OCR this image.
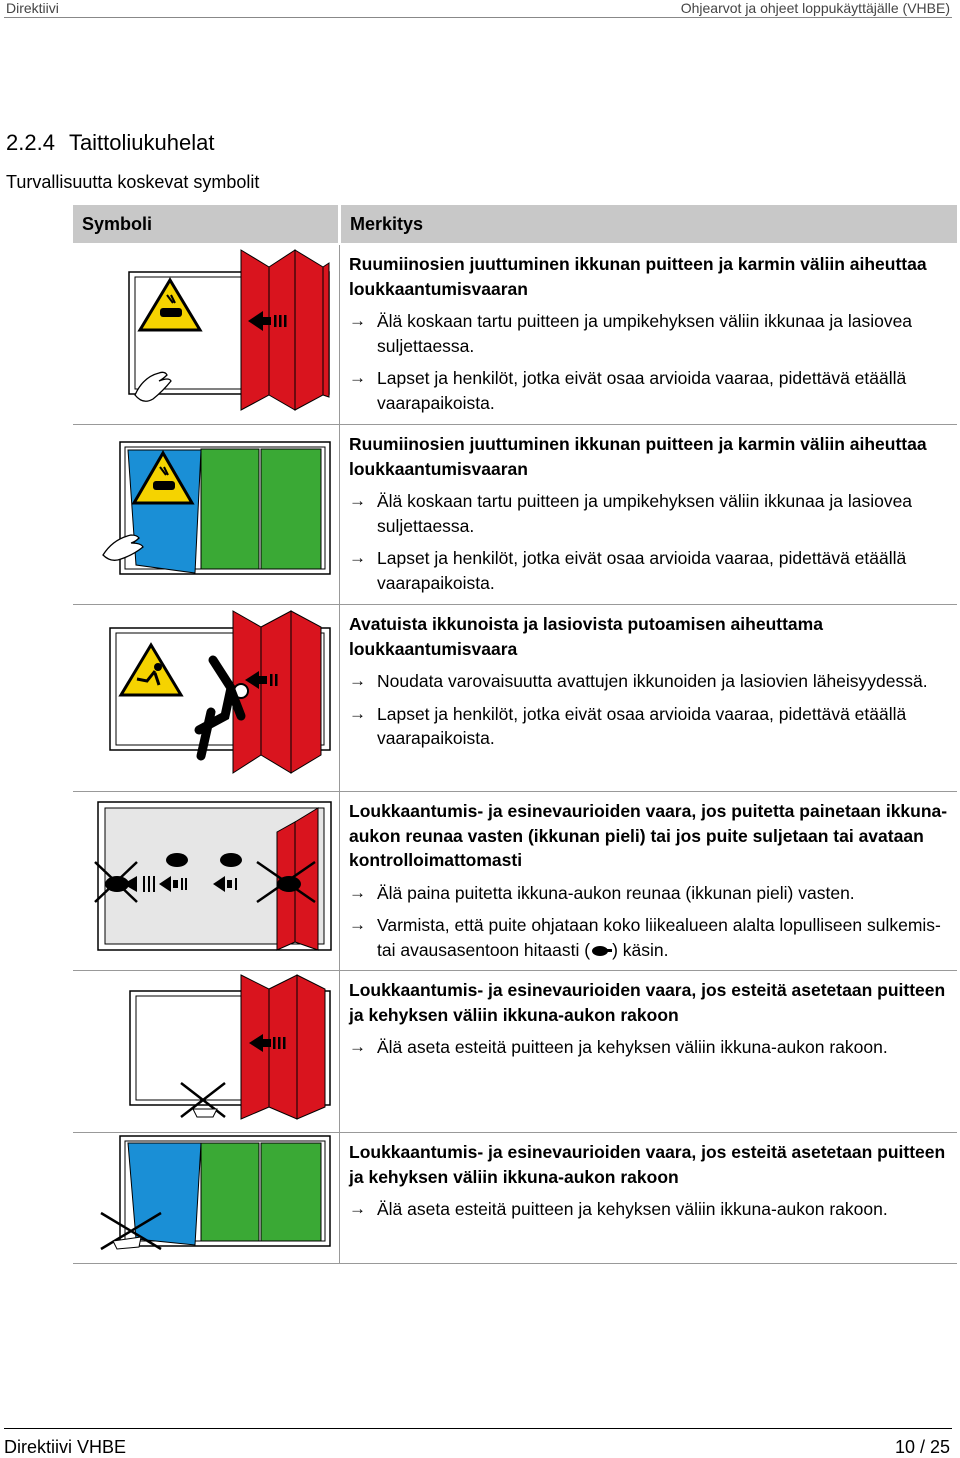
Direktiivi	Ohjearvot ja ohjeet loppukäyttäjälle (VHBE)
2.2.4 Taittoliukuhelat
Turvallisuutta koskevat symbolit
Symboli	Merkitys

Ruumiinosien juuttuminen ikkunan puitteen ja karmin väliin aiheuttaa loukkaantumisvaaran

→ Älä koskaan tartu puitteen ja umpikehyksen väliin ikkunaa ja lasiovea suljettaessa.
→ Lapset ja henkilöt, jotka eivät osaa arvioida vaaraa, pidettävä etäällä vaarapaikoista.

Ruumiinosien juuttuminen ikkunan puitteen ja karmin väliin aiheuttaa loukkaantumisvaaran

→ Älä koskaan tartu puitteen ja umpikehyksen väliin ikkunaa ja lasiovea suljettaessa.
→ Lapset ja henkilöt, jotka eivät osaa arvioida vaaraa, pidettävä etäällä vaarapaikoista.

Avatuista ikkunoista ja lasiovista putoamisen aiheuttama loukkaantumisvaara

→ Noudata varovaisuutta avattujen ikkunoiden ja lasiovien läheisyydessä.
→ Lapset ja henkilöt, jotka eivät osaa arvioida vaaraa, pidettävä etäällä vaarapaikoista.

Loukkaantumis- ja esinevaurioiden vaara, jos puitetta painetaan ikkuna-aukon reunaa vasten (ikkunan pieli) tai jos puite suljetaan tai avataan kontrolloimattomasti

→ Älä paina puitetta ikkuna-aukon reunaa (ikkunan pieli) vasten.
→ Varmista, että puite ohjataan koko liikealueen alalta lopulliseen sulkemis- tai avausasentoon hitaasti ( ) käsin.

Loukkaantumis- ja esinevaurioiden vaara, jos esteitä asetetaan puitteen ja kehyksen väliin ikkuna-aukon rakoon

→ Älä aseta esteitä puitteen ja kehyksen väliin ikkuna-aukon rakoon.

Loukkaantumis- ja esinevaurioiden vaara, jos esteitä asetetaan puitteen ja kehyksen väliin ikkuna-aukon rakoon

→ Älä aseta esteitä puitteen ja kehyksen väliin ikkuna-aukon rakoon.
Direktiivi VHBE	10 / 25
